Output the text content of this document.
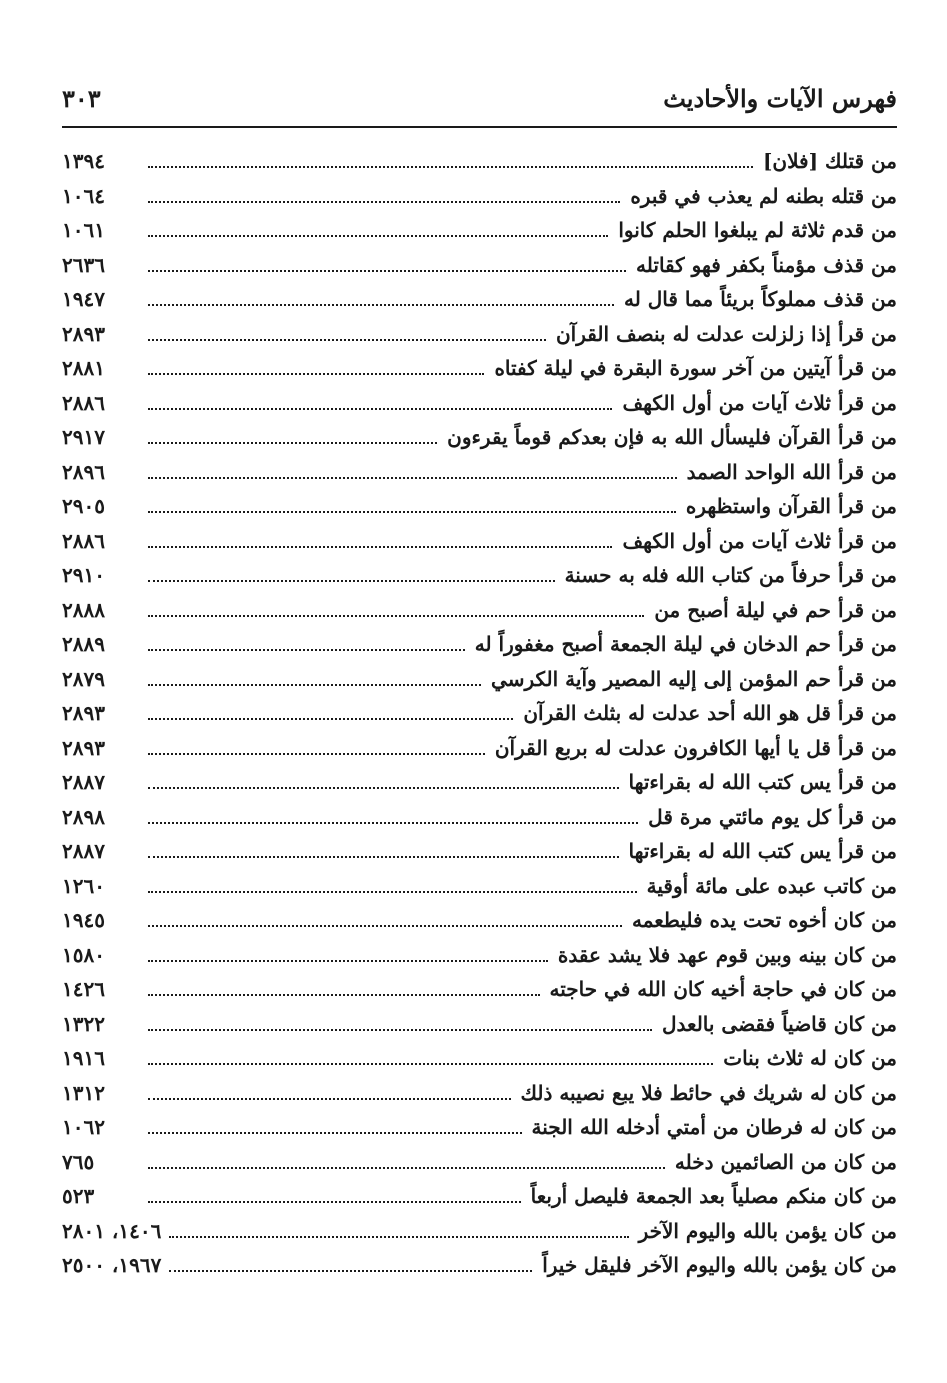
فهرس الآيات والأحاديث
٣٠٣
من قتلك [فلان]
١٣٩٤
من قتله بطنه لم يعذب في قبره
١٠٦٤
من قدم ثلاثة لم يبلغوا الحلم كانوا
١٠٦١
من قذف مؤمناً بكفر فهو كقاتله
٢٦٣٦
من قذف مملوكاً بريئاً مما قال له
١٩٤٧
من قرأ إذا زلزلت عدلت له بنصف القرآن
٢٨٩٣
من قرأ آيتين من آخر سورة البقرة في ليلة كفتاه
٢٨٨١
من قرأ ثلاث آيات من أول الكهف
٢٨٨٦
من قرأ القرآن فليسأل الله به فإن بعدكم قوماً يقرءون
٢٩١٧
من قرأ الله الواحد الصمد
٢٨٩٦
من قرأ القرآن واستظهره
٢٩٠٥
من قرأ ثلاث آيات من أول الكهف
٢٨٨٦
من قرأ حرفاً من كتاب الله فله به حسنة
٢٩١٠
من قرأ حم في ليلة أصبح من
٢٨٨٨
من قرأ حم الدخان في ليلة الجمعة أصبح مغفوراً له
٢٨٨٩
من قرأ حم المؤمن إلى إليه المصير وآية الكرسي
٢٨٧٩
من قرأ قل هو الله أحد عدلت له بثلث القرآن
٢٨٩٣
من قرأ قل يا أيها الكافرون عدلت له بربع القرآن
٢٨٩٣
من قرأ يس كتب الله له بقراءتها
٢٨٨٧
من قرأ كل يوم مائتي مرة قل
٢٨٩٨
من قرأ يس كتب الله له بقراءتها
٢٨٨٧
من كاتب عبده على مائة أوقية
١٢٦٠
من كان أخوه تحت يده فليطعمه
١٩٤٥
من كان بينه وبين قوم عهد فلا يشد عقدة
١٥٨٠
من كان في حاجة أخيه كان الله في حاجته
١٤٢٦
من كان قاضياً فقضى بالعدل
١٣٢٢
من كان له ثلاث بنات
١٩١٦
من كان له شريك في حائط فلا يبع نصيبه ذلك
١٣١٢
من كان له فرطان من أمتي أدخله الله الجنة
١٠٦٢
من كان من الصائمين دخله
٧٦٥
من كان منكم مصلياً بعد الجمعة فليصل أربعاً
٥٢٣
من كان يؤمن بالله واليوم الآخر
١٤٠٦، ٢٨٠١
من كان يؤمن بالله واليوم الآخر فليقل خيراً
١٩٦٧، ٢٥٠٠
